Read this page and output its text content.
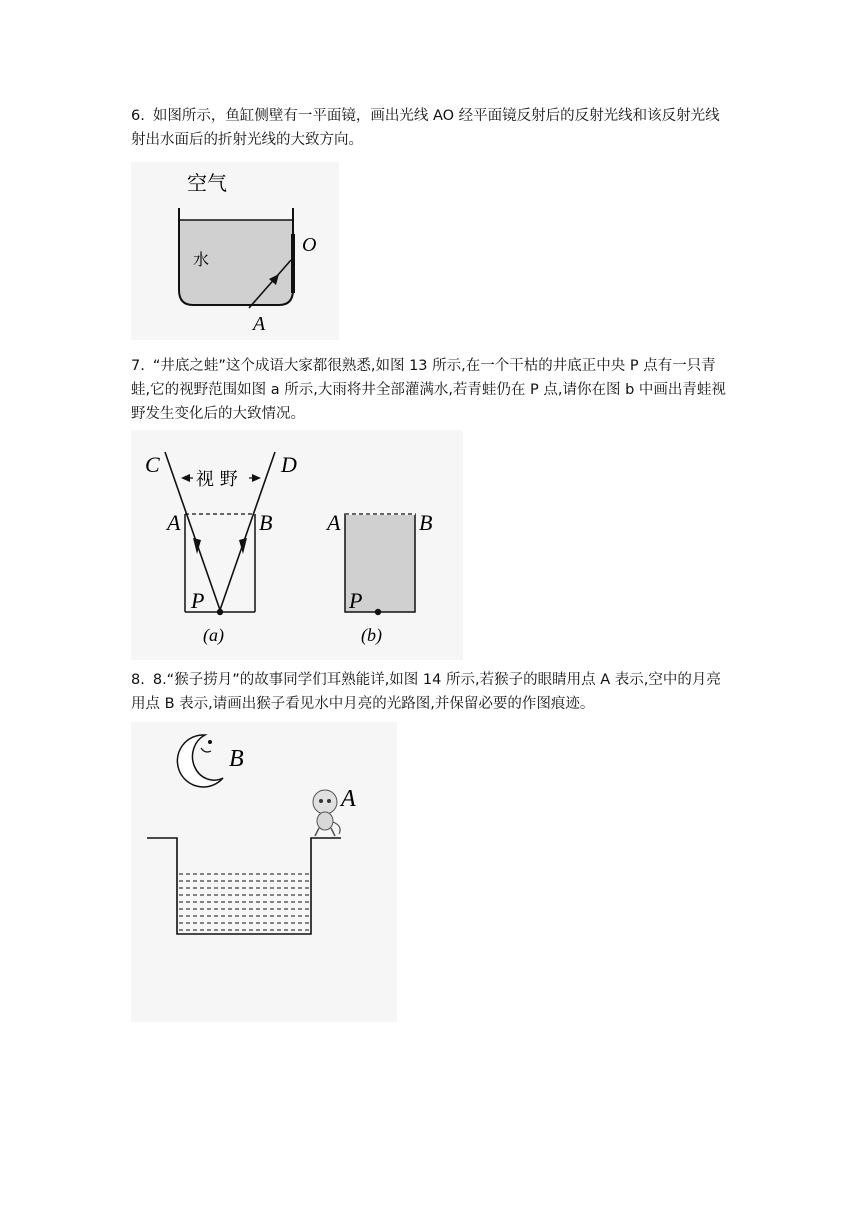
6. 如图所示，鱼缸侧壁有一平面镜，画出光线 AO 经平面镜反射后的反射光线和该反射光线射出水面后的折射光线的大致方向。
空气
水
O
A
7. “井底之蛙”这个成语大家都很熟悉,如图 13 所示,在一个干枯的井底正中央 P 点有一只青蛙,它的视野范围如图 a 所示,大雨将井全部灌满水,若青蛙仍在 P 点,请你在图 b 中画出青蛙视野发生变化后的大致情况。
视 野
C	D
A	B
P
(a)
A	B
P
(b)
8. 8.“猴子捞月”的故事同学们耳熟能详,如图 14 所示,若猴子的眼睛用点 A 表示,空中的月亮用点 B 表示,请画出猴子看见水中月亮的光路图,并保留必要的作图痕迹。
B
A
